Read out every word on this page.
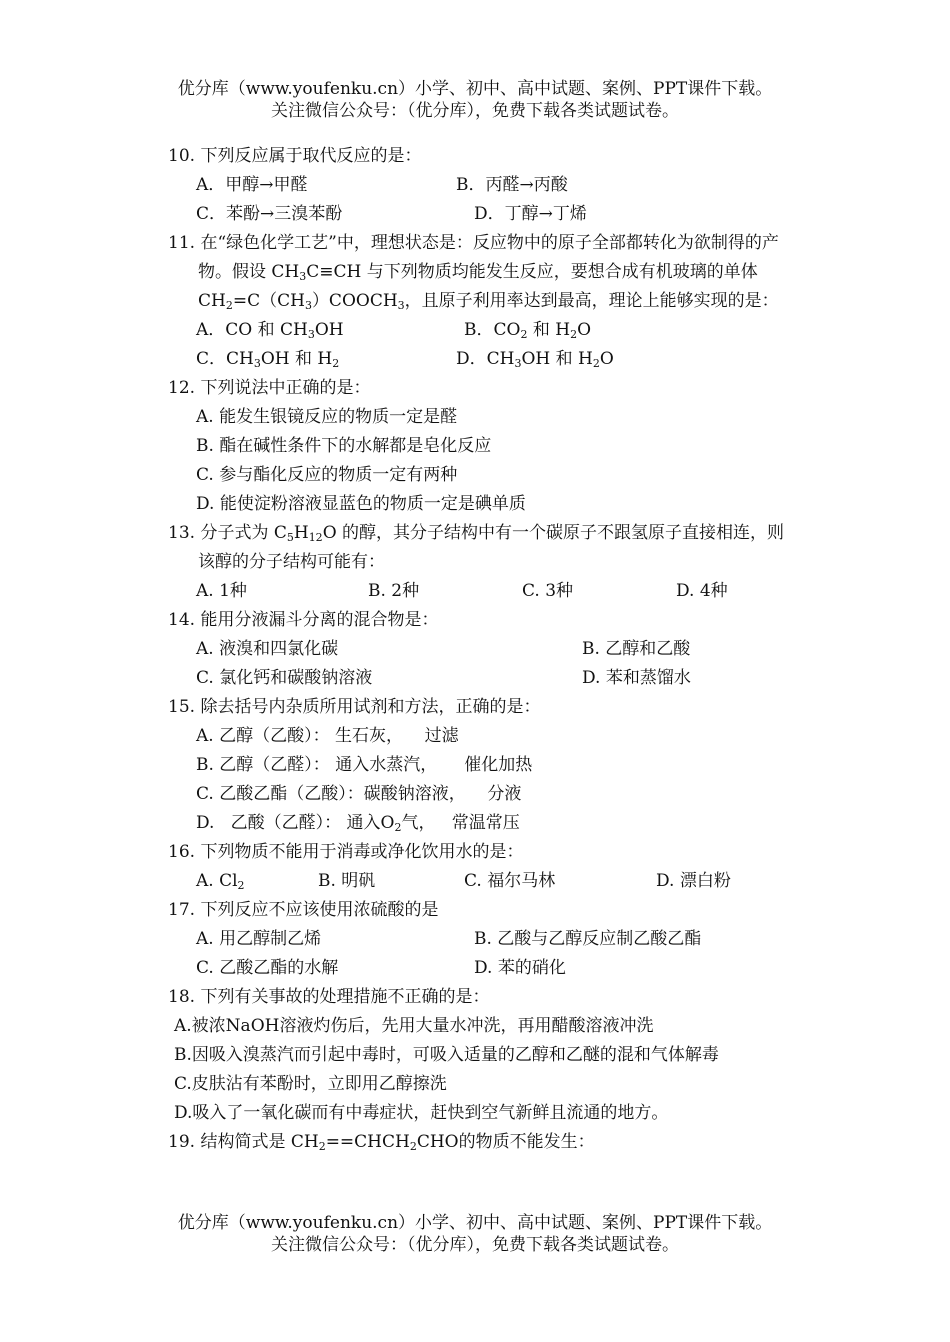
优分库（www.youfenku.cn）小学、初中、高中试题、案例、PPT课件下载。
关注微信公众号：（优分库），免费下载各类试题试卷。
10. 下列反应属于取代反应的是：
A．甲醇→甲醛	B．丙醛→丙酸
C．苯酚→三溴苯酚	D．丁醇→丁烯
11. 在“绿色化学工艺”中，理想状态是：反应物中的原子全部都转化为欲制得的产物。假设 $CH_3C\equiv CH$ 与下列物质均能发生反应，要想合成有机玻璃的单体 $CH_2=C(CH_3)COOCH_3$，且原子利用率达到最高，理论上能够实现的是：
A．CO 和 $CH_3OH$	B．$CO_2$ 和 $H_2O$
C．$CH_3OH$ 和 $H_2$	D．$CH_3OH$ 和 $H_2O$
12. 下列说法中正确的是：
A. 能发生银镜反应的物质一定是醛
B. 酯在碱性条件下的水解都是皂化反应
C. 参与酯化反应的物质一定有两种
D. 能使淀粉溶液显蓝色的物质一定是碘单质
13. 分子式为 $C_5H_{12}O$ 的醇，其分子结构中有一个碳原子不跟氢原子直接相连，则该醇的分子结构可能有：
A. 1种	B. 2种	C. 3种	D. 4种
14. 能用分液漏斗分离的混合物是：
A. 液溴和四氯化碳	B. 乙醇和乙酸
C. 氯化钙和碳酸钠溶液	D. 苯和蒸馏水
15. 除去括号内杂质所用试剂和方法，正确的是：
A. 乙醇（乙酸）： 生石灰，    过滤
B. 乙醇（乙醛）： 通入水蒸汽，     催化加热
C. 乙酸乙酯（乙酸）：碳酸钠溶液，    分液
D.   乙酸（乙醛）： 通入$O_2$气，   常温常压
16. 下列物质不能用于消毒或净化饮用水的是：
A. $Cl_2$	B. 明矾	C. 福尔马林	D. 漂白粉
17. 下列反应不应该使用浓硫酸的是
A. 用乙醇制乙烯	B. 乙酸与乙醇反应制乙酸乙酯
C. 乙酸乙酯的水解	D. 苯的硝化
18. 下列有关事故的处理措施不正确的是：
A.被浓NaOH溶液灼伤后，先用大量水冲洗，再用醋酸溶液冲洗
B.因吸入溴蒸汽而引起中毒时，可吸入适量的乙醇和乙醚的混和气体解毒
C.皮肤沾有苯酚时，立即用乙醇擦洗
D.吸入了一氧化碳而有中毒症状，赶快到空气新鲜且流通的地方。
19. 结构简式是 $CH_2==CHCH_2CHO$的物质不能发生：
优分库（www.youfenku.cn）小学、初中、高中试题、案例、PPT课件下载。
关注微信公众号：（优分库），免费下载各类试题试卷。
